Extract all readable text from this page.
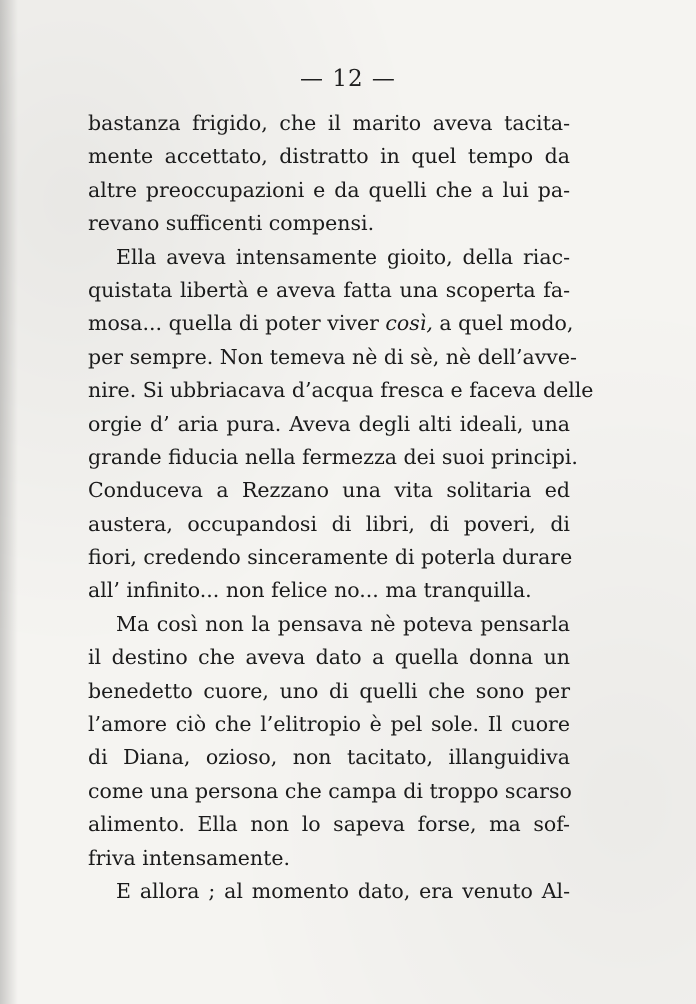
— 12 —
bastanza frigido, che il marito aveva tacita-
mente accettato, distratto in quel tempo da
altre preoccupazioni e da quelli che a lui pa-
revano sufficenti compensi.
Ella aveva intensamente gioito, della riac-
quistata libertà e aveva fatta una scoperta fa-
mosa... quella di poter viver così, a quel modo,
per sempre. Non temeva nè di sè, nè dell’avve-
nire. Si ubbriacava d’acqua fresca e faceva delle
orgie d’ aria pura. Aveva degli alti ideali, una
grande fiducia nella fermezza dei suoi principi.
Conduceva a Rezzano una vita solitaria ed
austera, occupandosi di libri, di poveri, di
fiori, credendo sinceramente di poterla durare
all’ infinito... non felice no... ma tranquilla.
Ma così non la pensava nè poteva pensarla
il destino che aveva dato a quella donna un
benedetto cuore, uno di quelli che sono per
l’amore ciò che l’elitropio è pel sole. Il cuore
di Diana, ozioso, non tacitato, illanguidiva
come una persona che campa di troppo scarso
alimento. Ella non lo sapeva forse, ma sof-
friva intensamente.
E allora ; al momento dato, era venuto Al-
